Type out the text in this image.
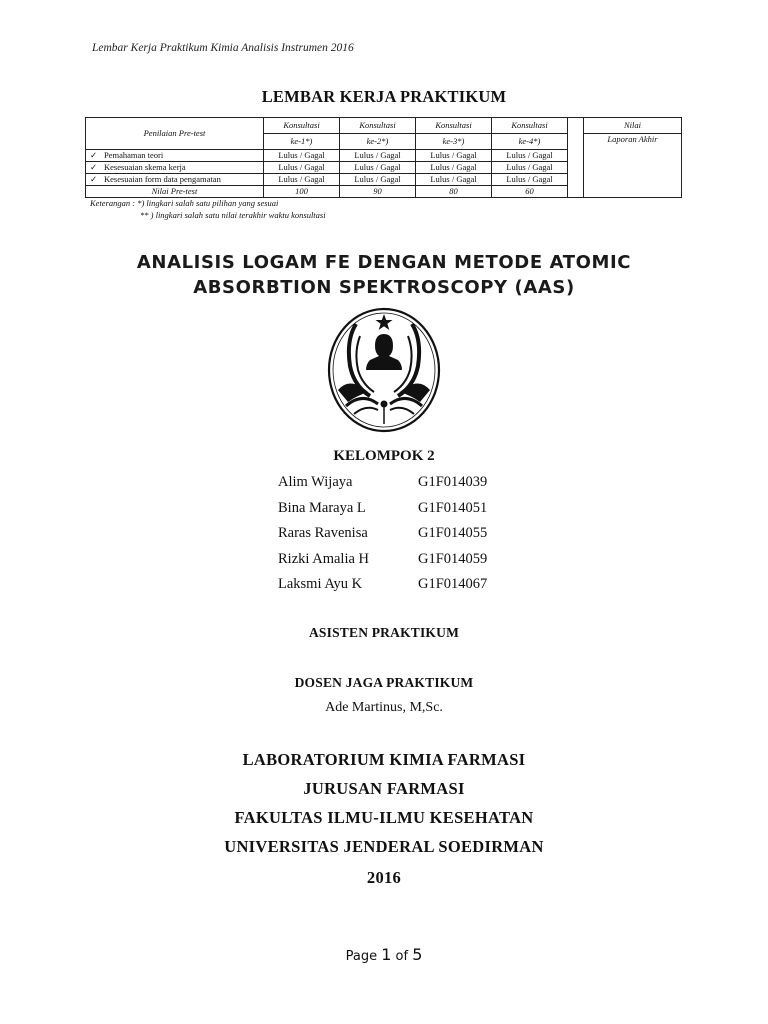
Lembar Kerja Praktikum Kimia Analisis Instrumen 2016
LEMBAR KERJA PRAKTIKUM
Penilaian Pre-test	Konsultasi	Konsultasi	Konsultasi	Konsultasi		Nilai
	ke-1*)	ke-2*)	ke-3*)	ke-4*)		Laporan Akhir
✓ Pemahaman teori	Lulus / Gagal	Lulus / Gagal	Lulus / Gagal	Lulus / Gagal		
✓ Kesesuaian skema kerja	Lulus / Gagal	Lulus / Gagal	Lulus / Gagal	Lulus / Gagal		
✓ Kesesuaian form data pengamatan	Lulus / Gagal	Lulus / Gagal	Lulus / Gagal	Lulus / Gagal		
Nilai Pre-test	100	90	80	60		
Keterangan : *) lingkari salah satu pilihan yang sesuai
** ) lingkari salah satu nilai terakhir waktu konsultasi
ANALISIS LOGAM FE DENGAN METODE ATOMIC
ABSORBTION SPEKTROSCOPY (AAS)
KELOMPOK 2
Alim Wijaya	G1F014039
Bina Maraya L	G1F014051
Raras Ravenisa	G1F014055
Rizki Amalia H	G1F014059
Laksmi Ayu K	G1F014067
ASISTEN PRAKTIKUM
DOSEN JAGA PRAKTIKUM
Ade Martinus, M,Sc.
LABORATORIUM KIMIA FARMASI
JURUSAN FARMASI
FAKULTAS ILMU-ILMU KESEHATAN
UNIVERSITAS JENDERAL SOEDIRMAN
2016
Page 1 of 5
